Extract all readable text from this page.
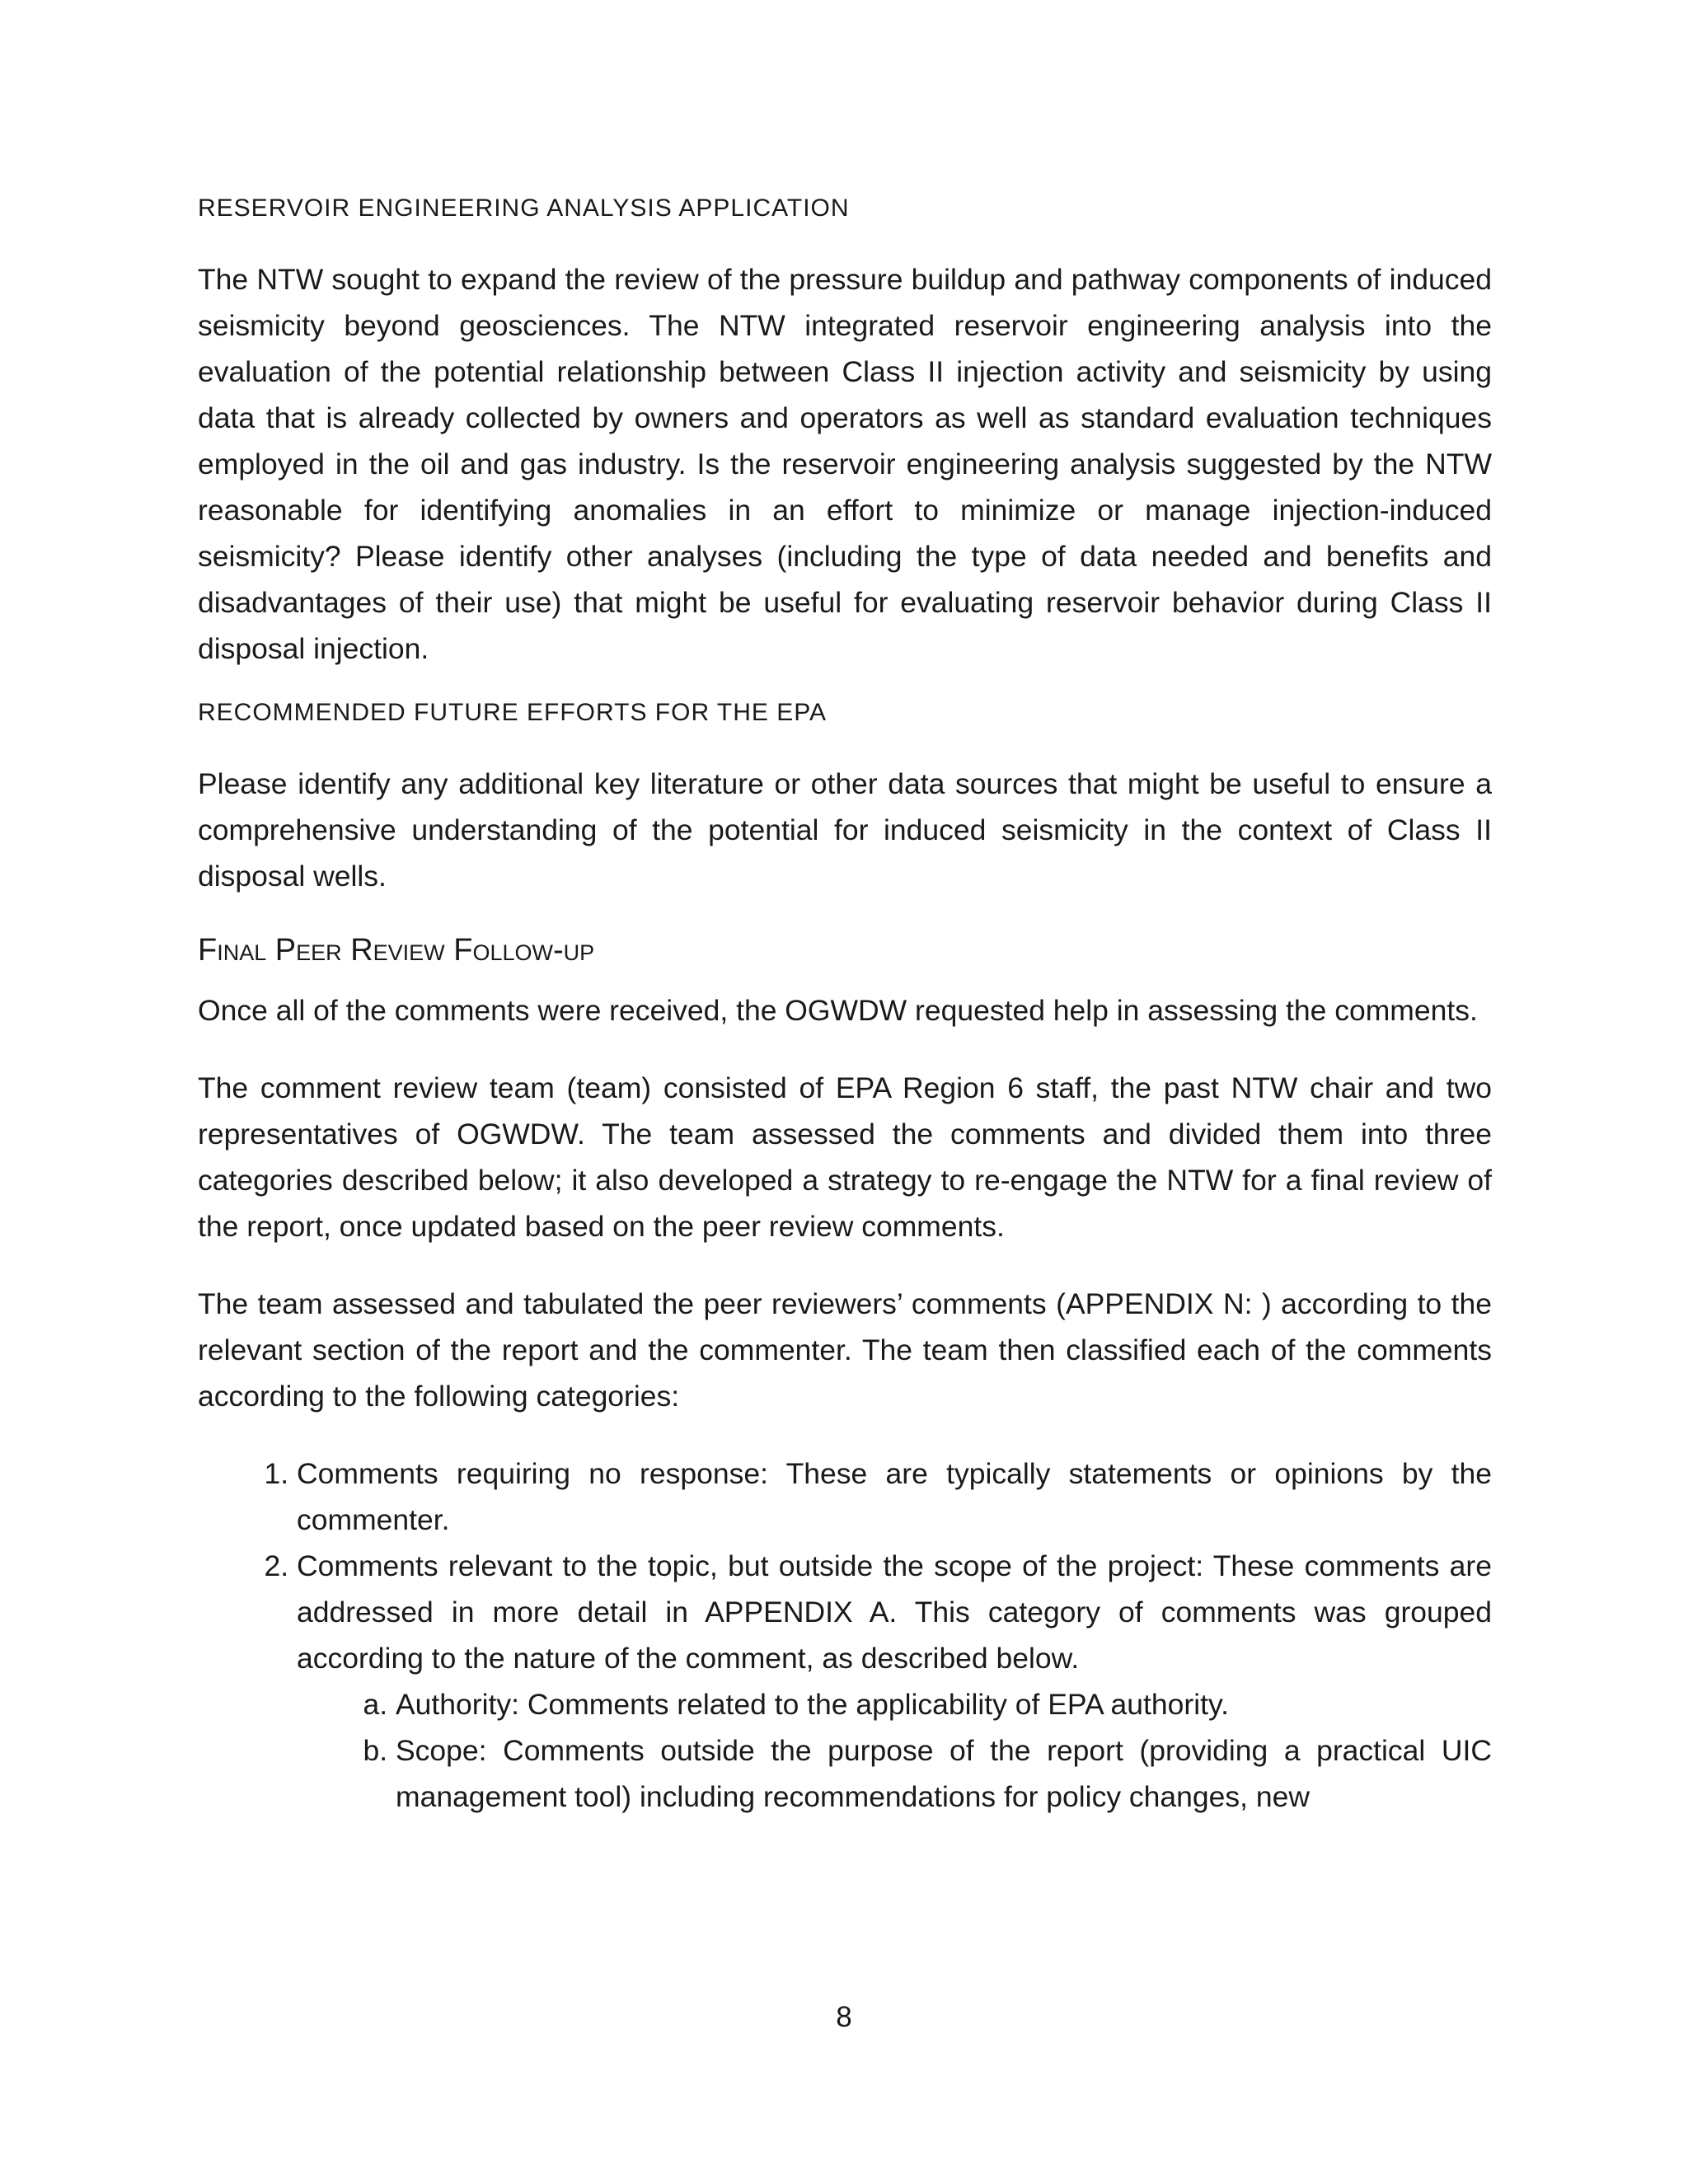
RESERVOIR ENGINEERING ANALYSIS APPLICATION

The NTW sought to expand the review of the pressure buildup and pathway components of induced seismicity beyond geosciences. The NTW integrated reservoir engineering analysis into the evaluation of the potential relationship between Class II injection activity and seismicity by using data that is already collected by owners and operators as well as standard evaluation techniques employed in the oil and gas industry. Is the reservoir engineering analysis suggested by the NTW reasonable for identifying anomalies in an effort to minimize or manage injection-induced seismicity? Please identify other analyses (including the type of data needed and benefits and disadvantages of their use) that might be useful for evaluating reservoir behavior during Class II disposal injection.

RECOMMENDED FUTURE EFFORTS FOR THE EPA

Please identify any additional key literature or other data sources that might be useful to ensure a comprehensive understanding of the potential for induced seismicity in the context of Class II disposal wells.

Final Peer Review Follow-up

Once all of the comments were received, the OGWDW requested help in assessing the comments.

The comment review team (team) consisted of EPA Region 6 staff, the past NTW chair and two representatives of OGWDW. The team assessed the comments and divided them into three categories described below; it also developed a strategy to re-engage the NTW for a final review of the report, once updated based on the peer review comments.

The team assessed and tabulated the peer reviewers’ comments (APPENDIX N: ) according to the relevant section of the report and the commenter. The team then classified each of the comments according to the following categories:

1. Comments requiring no response: These are typically statements or opinions by the commenter.
2. Comments relevant to the topic, but outside the scope of the project: These comments are addressed in more detail in APPENDIX A. This category of comments was grouped according to the nature of the comment, as described below.
a. Authority: Comments related to the applicability of EPA authority.
b. Scope: Comments outside the purpose of the report (providing a practical UIC management tool) including recommendations for policy changes, new
8
